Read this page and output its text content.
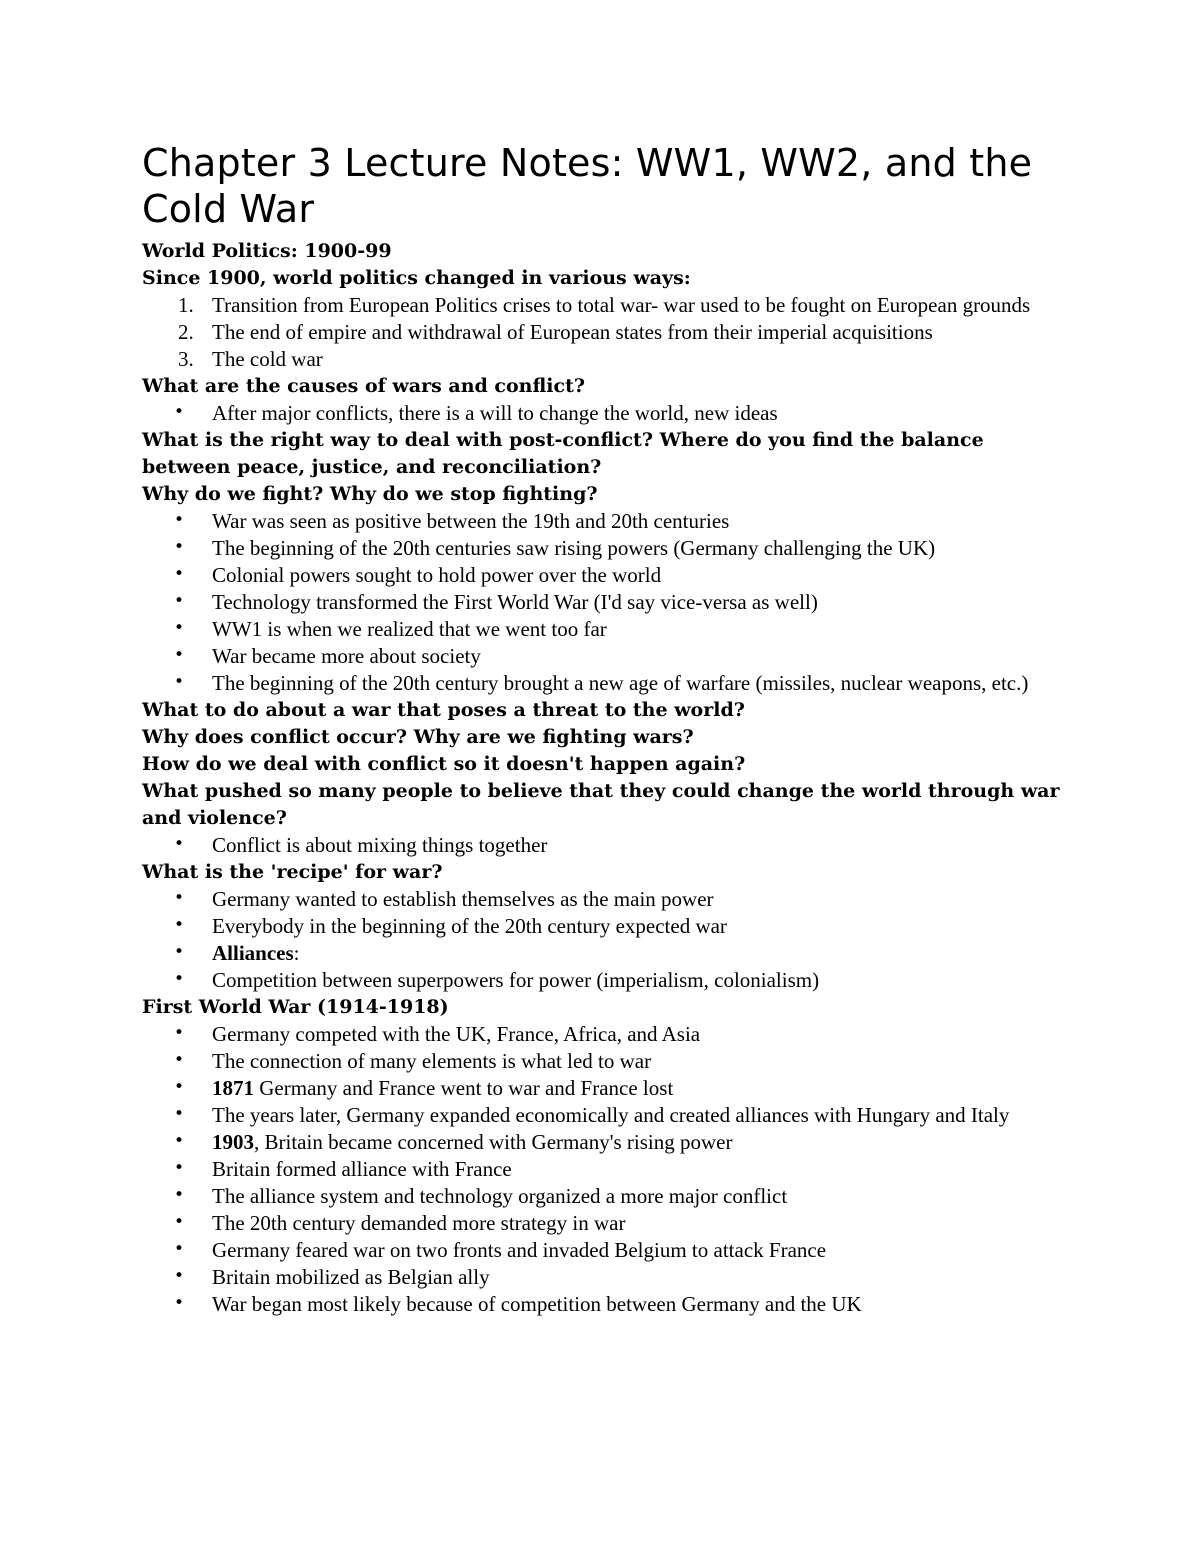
Chapter 3 Lecture Notes: WW1, WW2, and the Cold War
World Politics: 1900-99
Since 1900, world politics changed in various ways:
1. Transition from European Politics crises to total war- war used to be fought on European grounds
2. The end of empire and withdrawal of European states from their imperial acquisitions
3. The cold war
What are the causes of wars and conflict?
• After major conflicts, there is a will to change the world, new ideas
What is the right way to deal with post-conflict? Where do you find the balance between peace, justice, and reconciliation?
Why do we fight? Why do we stop fighting?
• War was seen as positive between the 19th and 20th centuries
• The beginning of the 20th centuries saw rising powers (Germany challenging the UK)
• Colonial powers sought to hold power over the world
• Technology transformed the First World War (I'd say vice-versa as well)
• WW1 is when we realized that we went too far
• War became more about society
• The beginning of the 20th century brought a new age of warfare (missiles, nuclear weapons, etc.)
What to do about a war that poses a threat to the world?
Why does conflict occur? Why are we fighting wars?
How do we deal with conflict so it doesn't happen again?
What pushed so many people to believe that they could change the world through war and violence?
• Conflict is about mixing things together
What is the 'recipe' for war?
• Germany wanted to establish themselves as the main power
• Everybody in the beginning of the 20th century expected war
• Alliances:
• Competition between superpowers for power (imperialism, colonialism)
First World War (1914-1918)
• Germany competed with the UK, France, Africa, and Asia
• The connection of many elements is what led to war
• 1871 Germany and France went to war and France lost
• The years later, Germany expanded economically and created alliances with Hungary and Italy
• 1903, Britain became concerned with Germany's rising power
• Britain formed alliance with France
• The alliance system and technology organized a more major conflict
• The 20th century demanded more strategy in war
• Germany feared war on two fronts and invaded Belgium to attack France
• Britain mobilized as Belgian ally
• War began most likely because of competition between Germany and the UK
